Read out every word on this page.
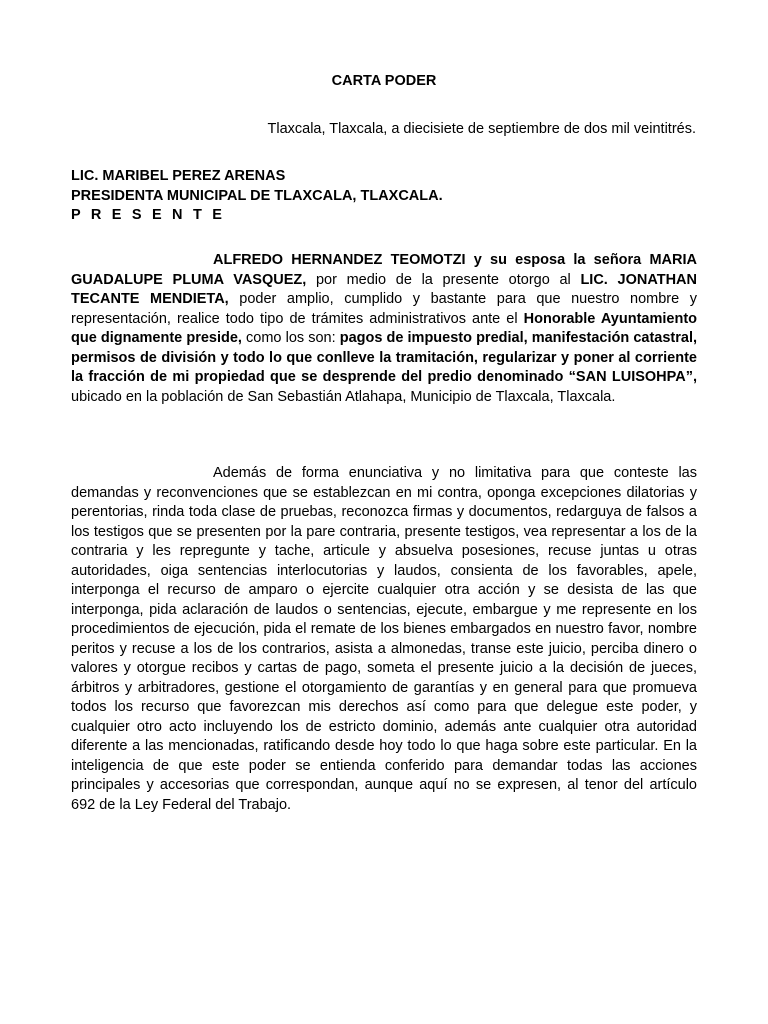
CARTA PODER
Tlaxcala, Tlaxcala, a diecisiete de septiembre de dos mil veintitrés.
LIC. MARIBEL PEREZ ARENAS
PRESIDENTA MUNICIPAL DE TLAXCALA, TLAXCALA.
P R E S E N T E
ALFREDO HERNANDEZ TEOMOTZI y su esposa la señora MARIA GUADALUPE PLUMA VASQUEZ, por medio de la presente otorgo al LIC. JONATHAN TECANTE MENDIETA, poder amplio, cumplido y bastante para que nuestro nombre y representación, realice todo tipo de trámites administrativos ante el Honorable Ayuntamiento que dignamente preside, como los son: pagos de impuesto predial, manifestación catastral, permisos de división y todo lo que conlleve la tramitación, regularizar y poner al corriente la fracción de mi propiedad que se desprende del predio denominado “SAN LUISOHPA”, ubicado en la población de San Sebastián Atlahapa, Municipio de Tlaxcala, Tlaxcala.
Además de forma enunciativa y no limitativa para que conteste las demandas y reconvenciones que se establezcan en mi contra, oponga excepciones dilatorias y perentorias, rinda toda clase de pruebas, reconozca firmas y documentos, redarguya de falsos a los testigos que se presenten por la pare contraria, presente testigos, vea representar a los de la contraria y les repregunte y tache, articule y absuelva posesiones, recuse juntas u otras autoridades, oiga sentencias interlocutorias y laudos, consienta de los favorables, apele, interponga el recurso de amparo o ejercite cualquier otra acción y se desista de las que interponga, pida aclaración de laudos o sentencias, ejecute, embargue y me represente en los procedimientos de ejecución, pida el remate de los bienes embargados en nuestro favor, nombre peritos y recuse a los de los contrarios, asista a almonedas, transe este juicio, perciba dinero o valores y otorgue recibos y cartas de pago, someta el presente juicio a la decisión de jueces, árbitros y arbitradores, gestione el otorgamiento de garantías y en general para que promueva todos los recurso que favorezcan mis derechos así como para que delegue este poder, y cualquier otro acto incluyendo los de estricto dominio, además ante cualquier otra autoridad diferente a las mencionadas, ratificando desde hoy todo lo que haga sobre este particular. En la inteligencia de que este poder se entienda conferido para demandar todas las acciones principales y accesorias que correspondan, aunque aquí no se expresen, al tenor del artículo 692 de la Ley Federal del Trabajo.
